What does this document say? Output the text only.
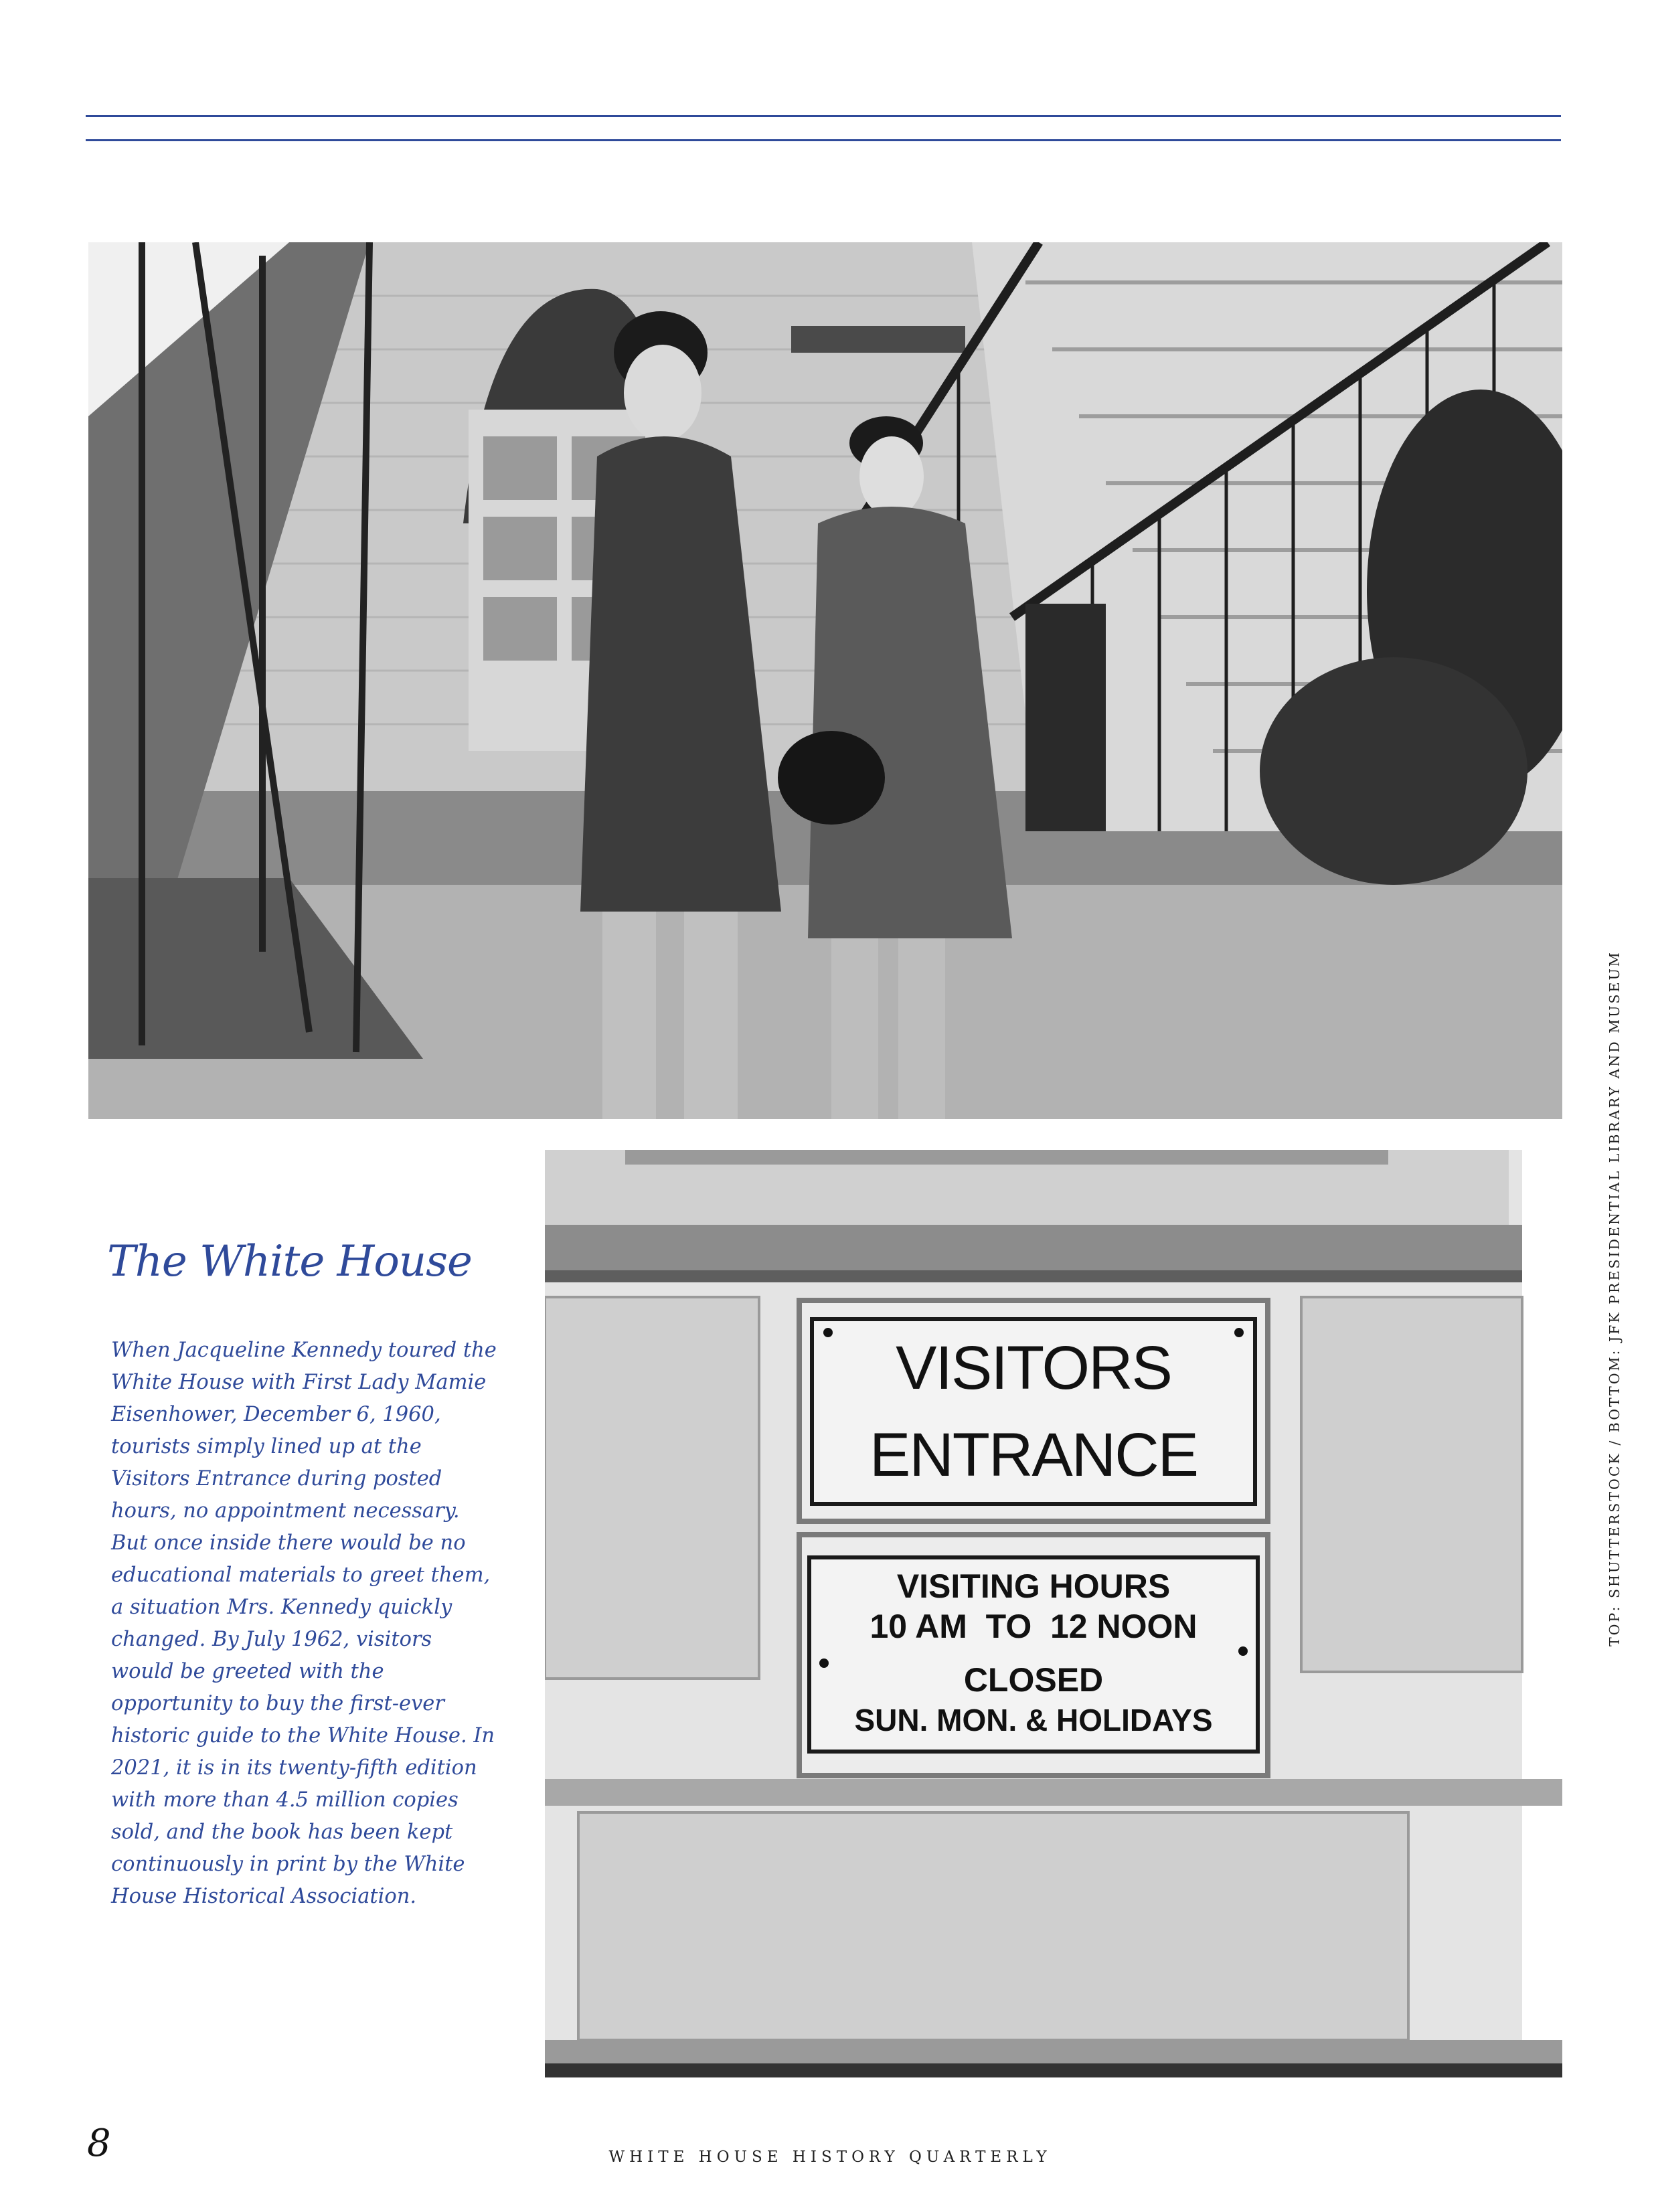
VISITORS
ENTRANCE
VISITING HOURS
10 AM  TO  12 NOON
CLOSED
SUN. MON. & HOLIDAYS
The White House

When Jacqueline Kennedy toured the White House with First Lady Mamie Eisenhower, December 6, 1960, tourists simply lined up at the Visitors Entrance during posted hours, no appointment necessary. But once inside there would be no educational materials to greet them, a situation Mrs. Kennedy quickly changed. By July 1962, visitors would be greeted with the opportunity to buy the first-ever historic guide to the White House. In 2021, it is in its twenty-fifth edition with more than 4.5 million copies sold, and the book has been kept continuously in print by the White House Historical Association.

TOP: SHUTTERSTOCK / BOTTOM: JFK PRESIDENTIAL LIBRARY AND MUSEUM
8	WHITE HOUSE HISTORY QUARTERLY
